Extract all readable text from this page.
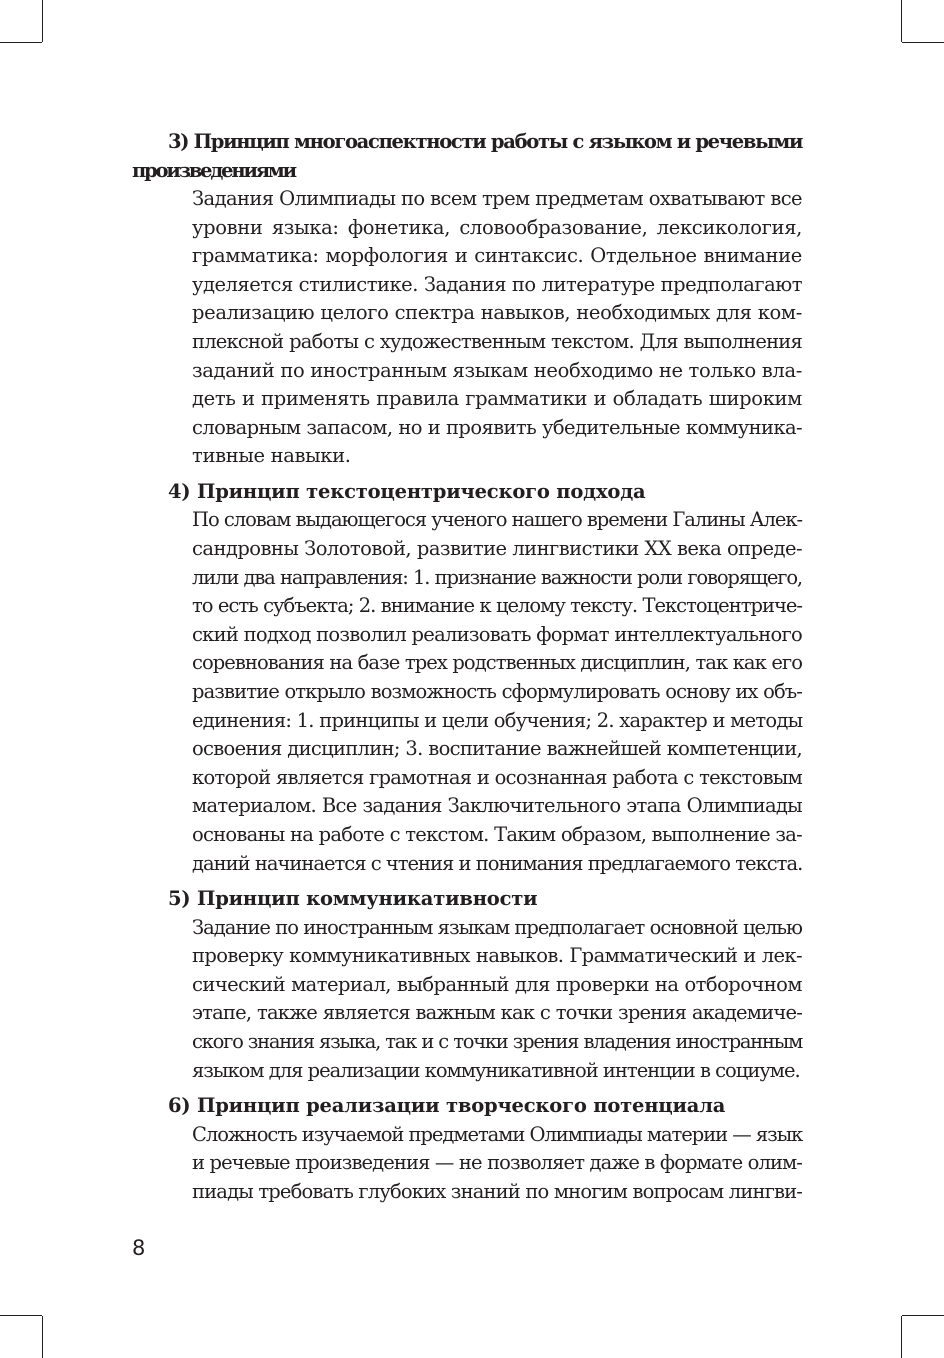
3) Принцип многоаспектности работы с языком и речевыми
произведениями

Задания Олимпиады по всем трем предметам охватывают все
уровни языка: фонетика, словообразование, лексикология,
грамматика: морфология и синтаксис. Отдельное внимание
уделяется стилистике. Задания по литературе предполагают
реализацию целого спектра навыков, необходимых для ком-
плексной работы с художественным текстом. Для выполнения
заданий по иностранным языкам необходимо не только вла-
деть и применять правила грамматики и обладать широким
словарным запасом, но и проявить убедительные коммуника-
тивные навыки.

4) Принцип текстоцентрического подхода

По словам выдающегося ученого нашего времени Галины Алек-
сандровны Золотовой, развитие лингвистики XX века опреде-
лили два направления: 1. признание важности роли говорящего,
то есть субъекта; 2. внимание к целому тексту. Текстоцентриче-
ский подход позволил реализовать формат интеллектуального
соревнования на базе трех родственных дисциплин, так как его
развитие открыло возможность сформулировать основу их объ-
единения: 1. принципы и цели обучения; 2. характер и методы
освоения дисциплин; 3. воспитание важнейшей компетенции,
которой является грамотная и осознанная работа с текстовым
материалом. Все задания Заключительного этапа Олимпиады
основаны на работе с текстом. Таким образом, выполнение за-
даний начинается с чтения и понимания предлагаемого текста.

5) Принцип коммуникативности

Задание по иностранным языкам предполагает основной целью
проверку коммуникативных навыков. Грамматический и лек-
сический материал, выбранный для проверки на отборочном
этапе, также является важным как с точки зрения академиче-
ского знания языка, так и с точки зрения владения иностранным
языком для реализации коммуникативной интенции в социуме.

6) Принцип реализации творческого потенциала

Сложность изучаемой предметами Олимпиады материи — язык
и речевые произведения — не позволяет даже в формате олим-
пиады требовать глубоких знаний по многим вопросам лингви-

8
